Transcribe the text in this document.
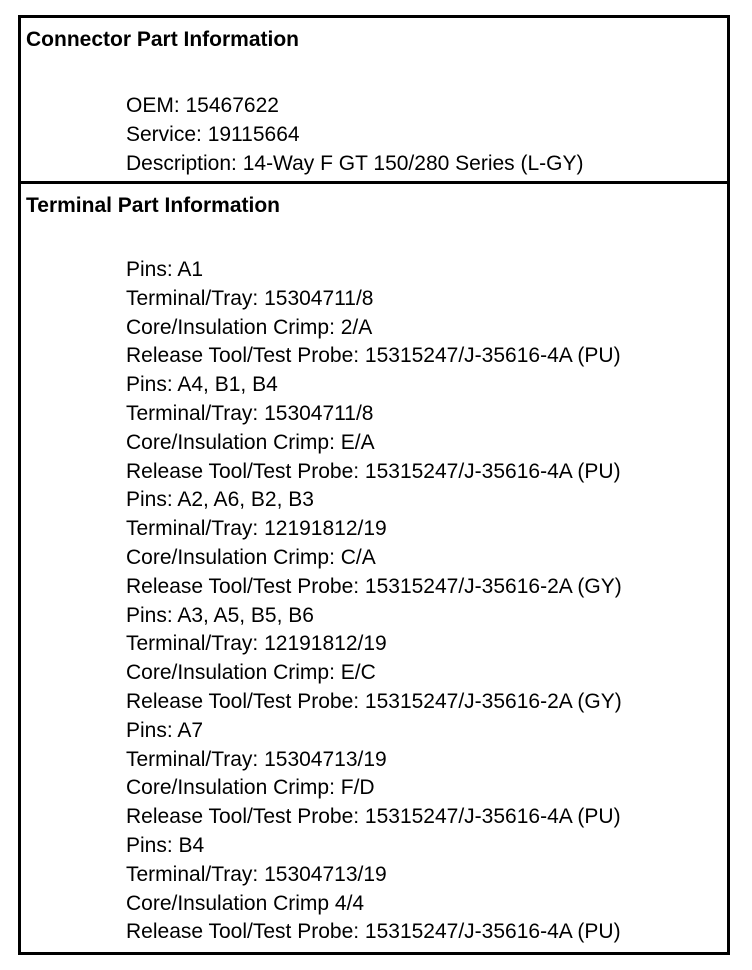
Connector Part Information
OEM: 15467622
Service: 19115664
Description: 14-Way F GT 150/280 Series (L-GY)
Terminal Part Information
Pins: A1
Terminal/Tray: 15304711/8
Core/Insulation Crimp: 2/A
Release Tool/Test Probe: 15315247/J-35616-4A (PU)
Pins: A4, B1, B4
Terminal/Tray: 15304711/8
Core/Insulation Crimp: E/A
Release Tool/Test Probe: 15315247/J-35616-4A (PU)
Pins: A2, A6, B2, B3
Terminal/Tray: 12191812/19
Core/Insulation Crimp: C/A
Release Tool/Test Probe: 15315247/J-35616-2A (GY)
Pins: A3, A5, B5, B6
Terminal/Tray: 12191812/19
Core/Insulation Crimp: E/C
Release Tool/Test Probe: 15315247/J-35616-2A (GY)
Pins: A7
Terminal/Tray: 15304713/19
Core/Insulation Crimp: F/D
Release Tool/Test Probe: 15315247/J-35616-4A (PU)
Pins: B4
Terminal/Tray: 15304713/19
Core/Insulation Crimp 4/4
Release Tool/Test Probe: 15315247/J-35616-4A (PU)
